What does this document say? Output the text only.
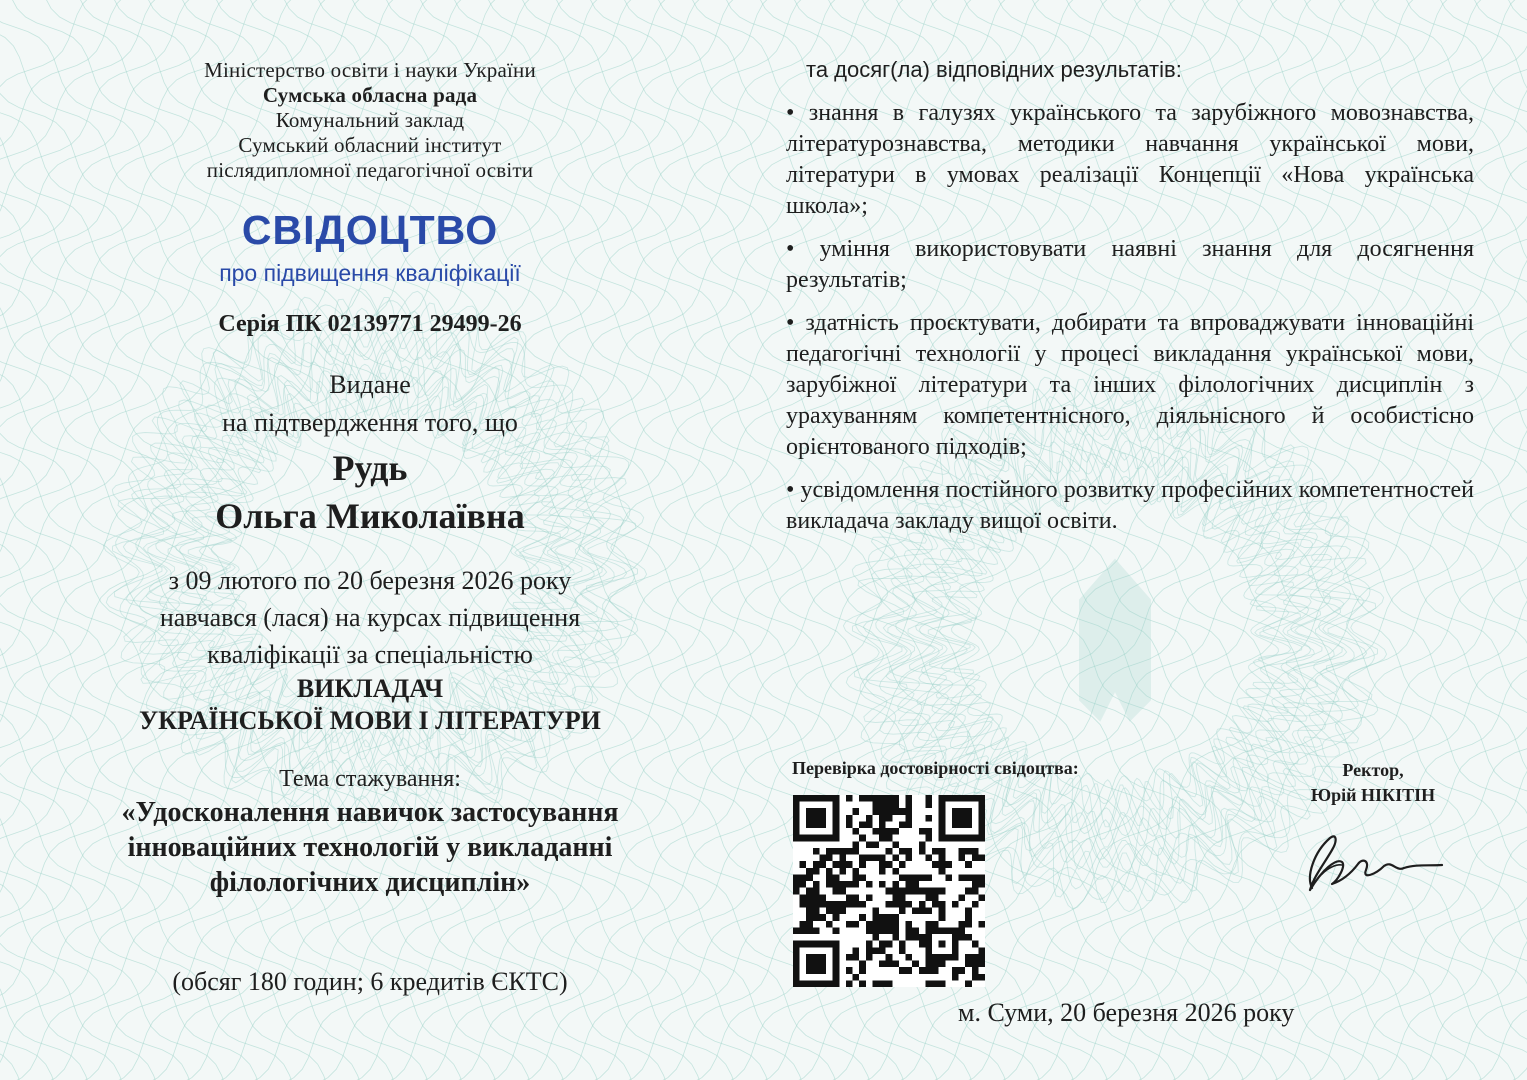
Міністерство освіти і науки України
Сумська обласна рада
Комунальний заклад
Сумський обласний інститут
післядипломної педагогічної освіти
СВІДОЦТВО
про підвищення кваліфікації
Серія ПК 02139771 29499-26
Видане
на підтвердження того, що
Рудь
Ольга Миколаївна
з 09 лютого по 20 березня 2026 року
навчався (лася) на курсах підвищення
кваліфікації за спеціальністю
ВИКЛАДАЧ
УКРАЇНСЬКОЇ МОВИ І ЛІТЕРАТУРИ
Тема стажування:
«Удосконалення навичок застосування
інноваційних технологій у викладанні
філологічних дисциплін»
(обсяг 180 годин; 6 кредитів ЄКТС)
та досяг(ла) відповідних результатів:
• знання в галузях українського та зарубіжного мовознавства, літературознавства, методики навчання української мови, літератури в умовах реалізації Концепції «Нова українська школа»;
• уміння використовувати наявні знання для досягнення результатів;
• здатність проєктувати, добирати та впроваджувати інноваційні педагогічні технології у процесі викладання української мови, зарубіжної літератури та інших філологічних дисциплін з урахуванням компетентнісного, діяльнісного й особистісно орієнтованого підходів;
• усвідомлення постійного розвитку професійних компетентностей викладача закладу вищої освіти.
Перевірка достовірності свідоцтва:	Ректор,
Юрій НІКІТІН
м. Суми, 20 березня 2026 року
